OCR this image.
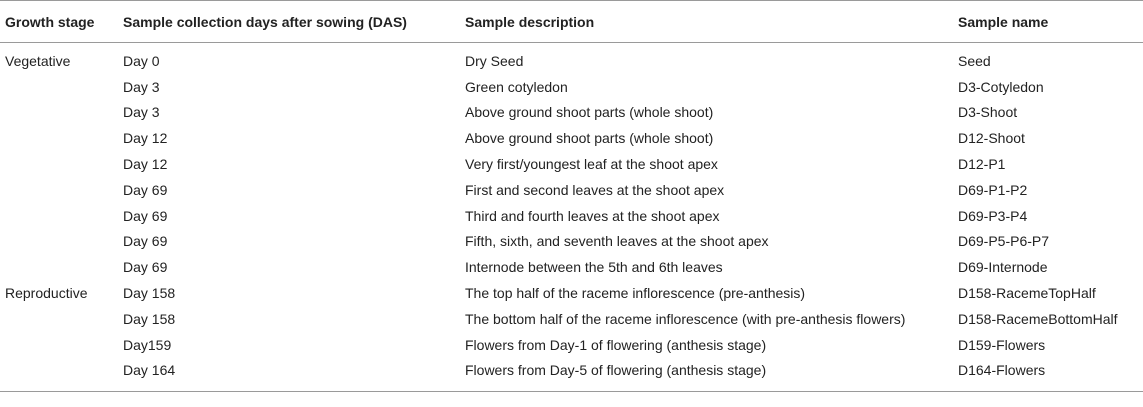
Growth stage	Sample collection days after sowing (DAS)	Sample description	Sample name
Vegetative	Day 0	Dry Seed	Seed
	Day 3	Green cotyledon	D3-Cotyledon
	Day 3	Above ground shoot parts (whole shoot)	D3-Shoot
	Day 12	Above ground shoot parts (whole shoot)	D12-Shoot
	Day 12	Very first/youngest leaf at the shoot apex	D12-P1
	Day 69	First and second leaves at the shoot apex	D69-P1-P2
	Day 69	Third and fourth leaves at the shoot apex	D69-P3-P4
	Day 69	Fifth, sixth, and seventh leaves at the shoot apex	D69-P5-P6-P7
	Day 69	Internode between the 5th and 6th leaves	D69-Internode
Reproductive	Day 158	The top half of the raceme inflorescence (pre-anthesis)	D158-RacemeTopHalf
	Day 158	The bottom half of the raceme inflorescence (with pre-anthesis flowers)	D158-RacemeBottomHalf
	Day159	Flowers from Day-1 of flowering (anthesis stage)	D159-Flowers
	Day 164	Flowers from Day-5 of flowering (anthesis stage)	D164-Flowers
